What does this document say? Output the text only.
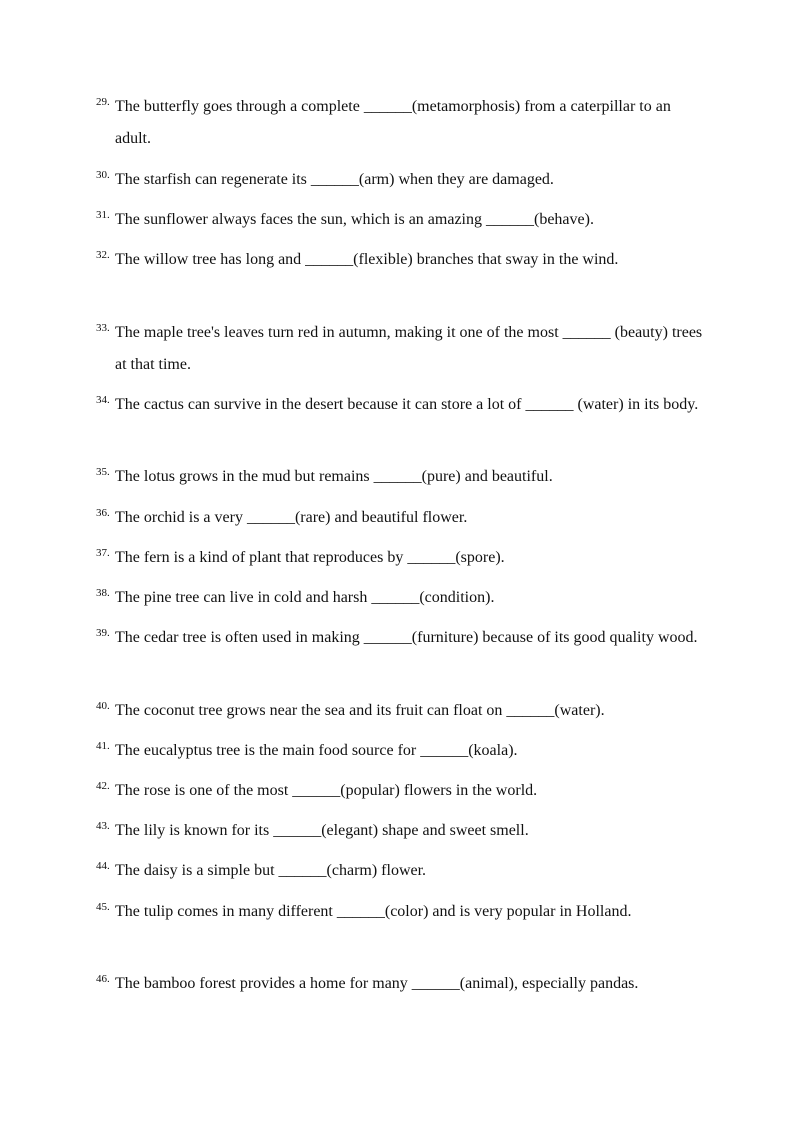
29. The butterfly goes through a complete ______(metamorphosis) from a caterpillar to an adult.
30. The starfish can regenerate its ______(arm) when they are damaged.
31. The sunflower always faces the sun, which is an amazing ______(behave).
32. The willow tree has long and ______(flexible) branches that sway in the wind.
33. The maple tree's leaves turn red in autumn, making it one of the most ______ (beauty) trees at that time.
34. The cactus can survive in the desert because it can store a lot of ______ (water) in its body.
35. The lotus grows in the mud but remains ______(pure) and beautiful.
36. The orchid is a very ______(rare) and beautiful flower.
37. The fern is a kind of plant that reproduces by ______(spore).
38. The pine tree can live in cold and harsh ______(condition).
39. The cedar tree is often used in making ______(furniture) because of its good quality wood.
40. The coconut tree grows near the sea and its fruit can float on ______(water).
41. The eucalyptus tree is the main food source for ______(koala).
42. The rose is one of the most ______(popular) flowers in the world.
43. The lily is known for its ______(elegant) shape and sweet smell.
44. The daisy is a simple but ______(charm) flower.
45. The tulip comes in many different ______(color) and is very popular in Holland.
46. The bamboo forest provides a home for many ______(animal), especially pandas.
